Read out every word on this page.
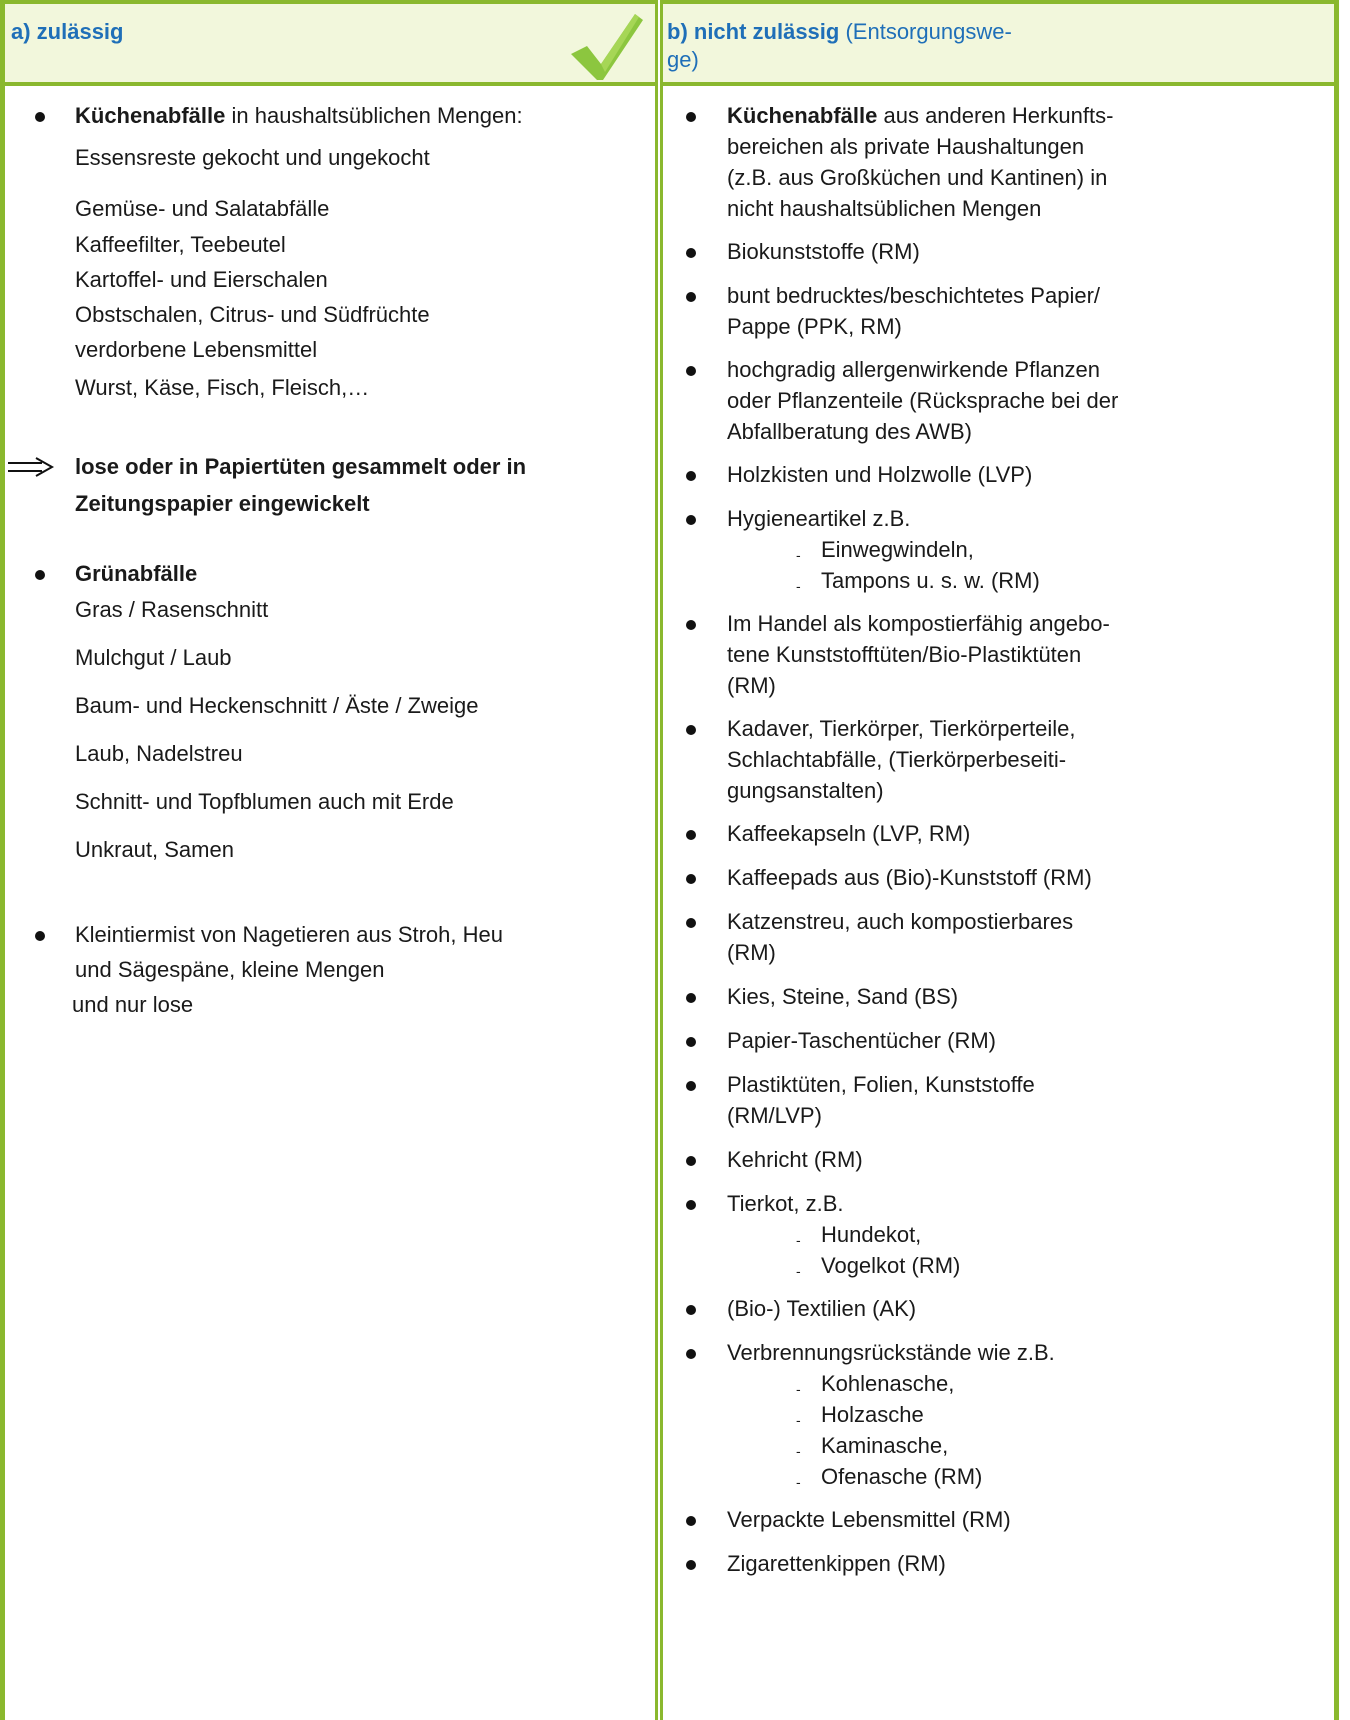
a) zulässig	b) nicht zulässig (Entsorgungswe-
ge)
Küchenabfälle in haushaltsüblichen Mengen:
Essensreste gekocht und ungekocht
Gemüse- und Salatabfälle
Kaffeefilter, Teebeutel
Kartoffel- und Eierschalen
Obstschalen, Citrus- und Südfrüchte
verdorbene Lebensmittel
Wurst, Käse, Fisch, Fleisch,…
lose oder in Papiertüten gesammelt oder in
Zeitungspapier eingewickelt
Grünabfälle
Gras / Rasenschnitt
Mulchgut / Laub
Baum- und Heckenschnitt / Äste / Zweige
Laub, Nadelstreu
Schnitt- und Topfblumen auch mit Erde
Unkraut, Samen
Kleintiermist von Nagetieren aus Stroh, Heu
und Sägespäne, kleine Mengen
und nur lose
Küchenabfälle aus anderen Herkunfts-
bereichen als private Haushaltungen
(z.B. aus Großküchen und Kantinen) in
nicht haushaltsüblichen Mengen
Biokunststoffe (RM)
bunt bedrucktes/beschichtetes Papier/
Pappe (PPK, RM)
hochgradig allergenwirkende Pflanzen
oder Pflanzenteile (Rücksprache bei der
Abfallberatung des AWB)
Holzkisten und Holzwolle (LVP)
Hygieneartikel z.B.
- Einwegwindeln,
- Tampons u. s. w. (RM)
Im Handel als kompostierfähig angebo-
tene Kunststofftüten/Bio-Plastiktüten
(RM)
Kadaver, Tierkörper, Tierkörperteile,
Schlachtabfälle, (Tierkörperbeseiti-
gungsanstalten)
Kaffeekapseln (LVP, RM)
Kaffeepads aus (Bio)-Kunststoff (RM)
Katzenstreu, auch kompostierbares
(RM)
Kies, Steine, Sand (BS)
Papier-Taschentücher (RM)
Plastiktüten, Folien, Kunststoffe
(RM/LVP)
Kehricht (RM)
Tierkot, z.B.
- Hundekot,
- Vogelkot (RM)
(Bio-) Textilien (AK)
Verbrennungsrückstände wie z.B.
- Kohlenasche,
- Holzasche
- Kaminasche,
- Ofenasche (RM)
Verpackte Lebensmittel (RM)
Zigarettenkippen (RM)
